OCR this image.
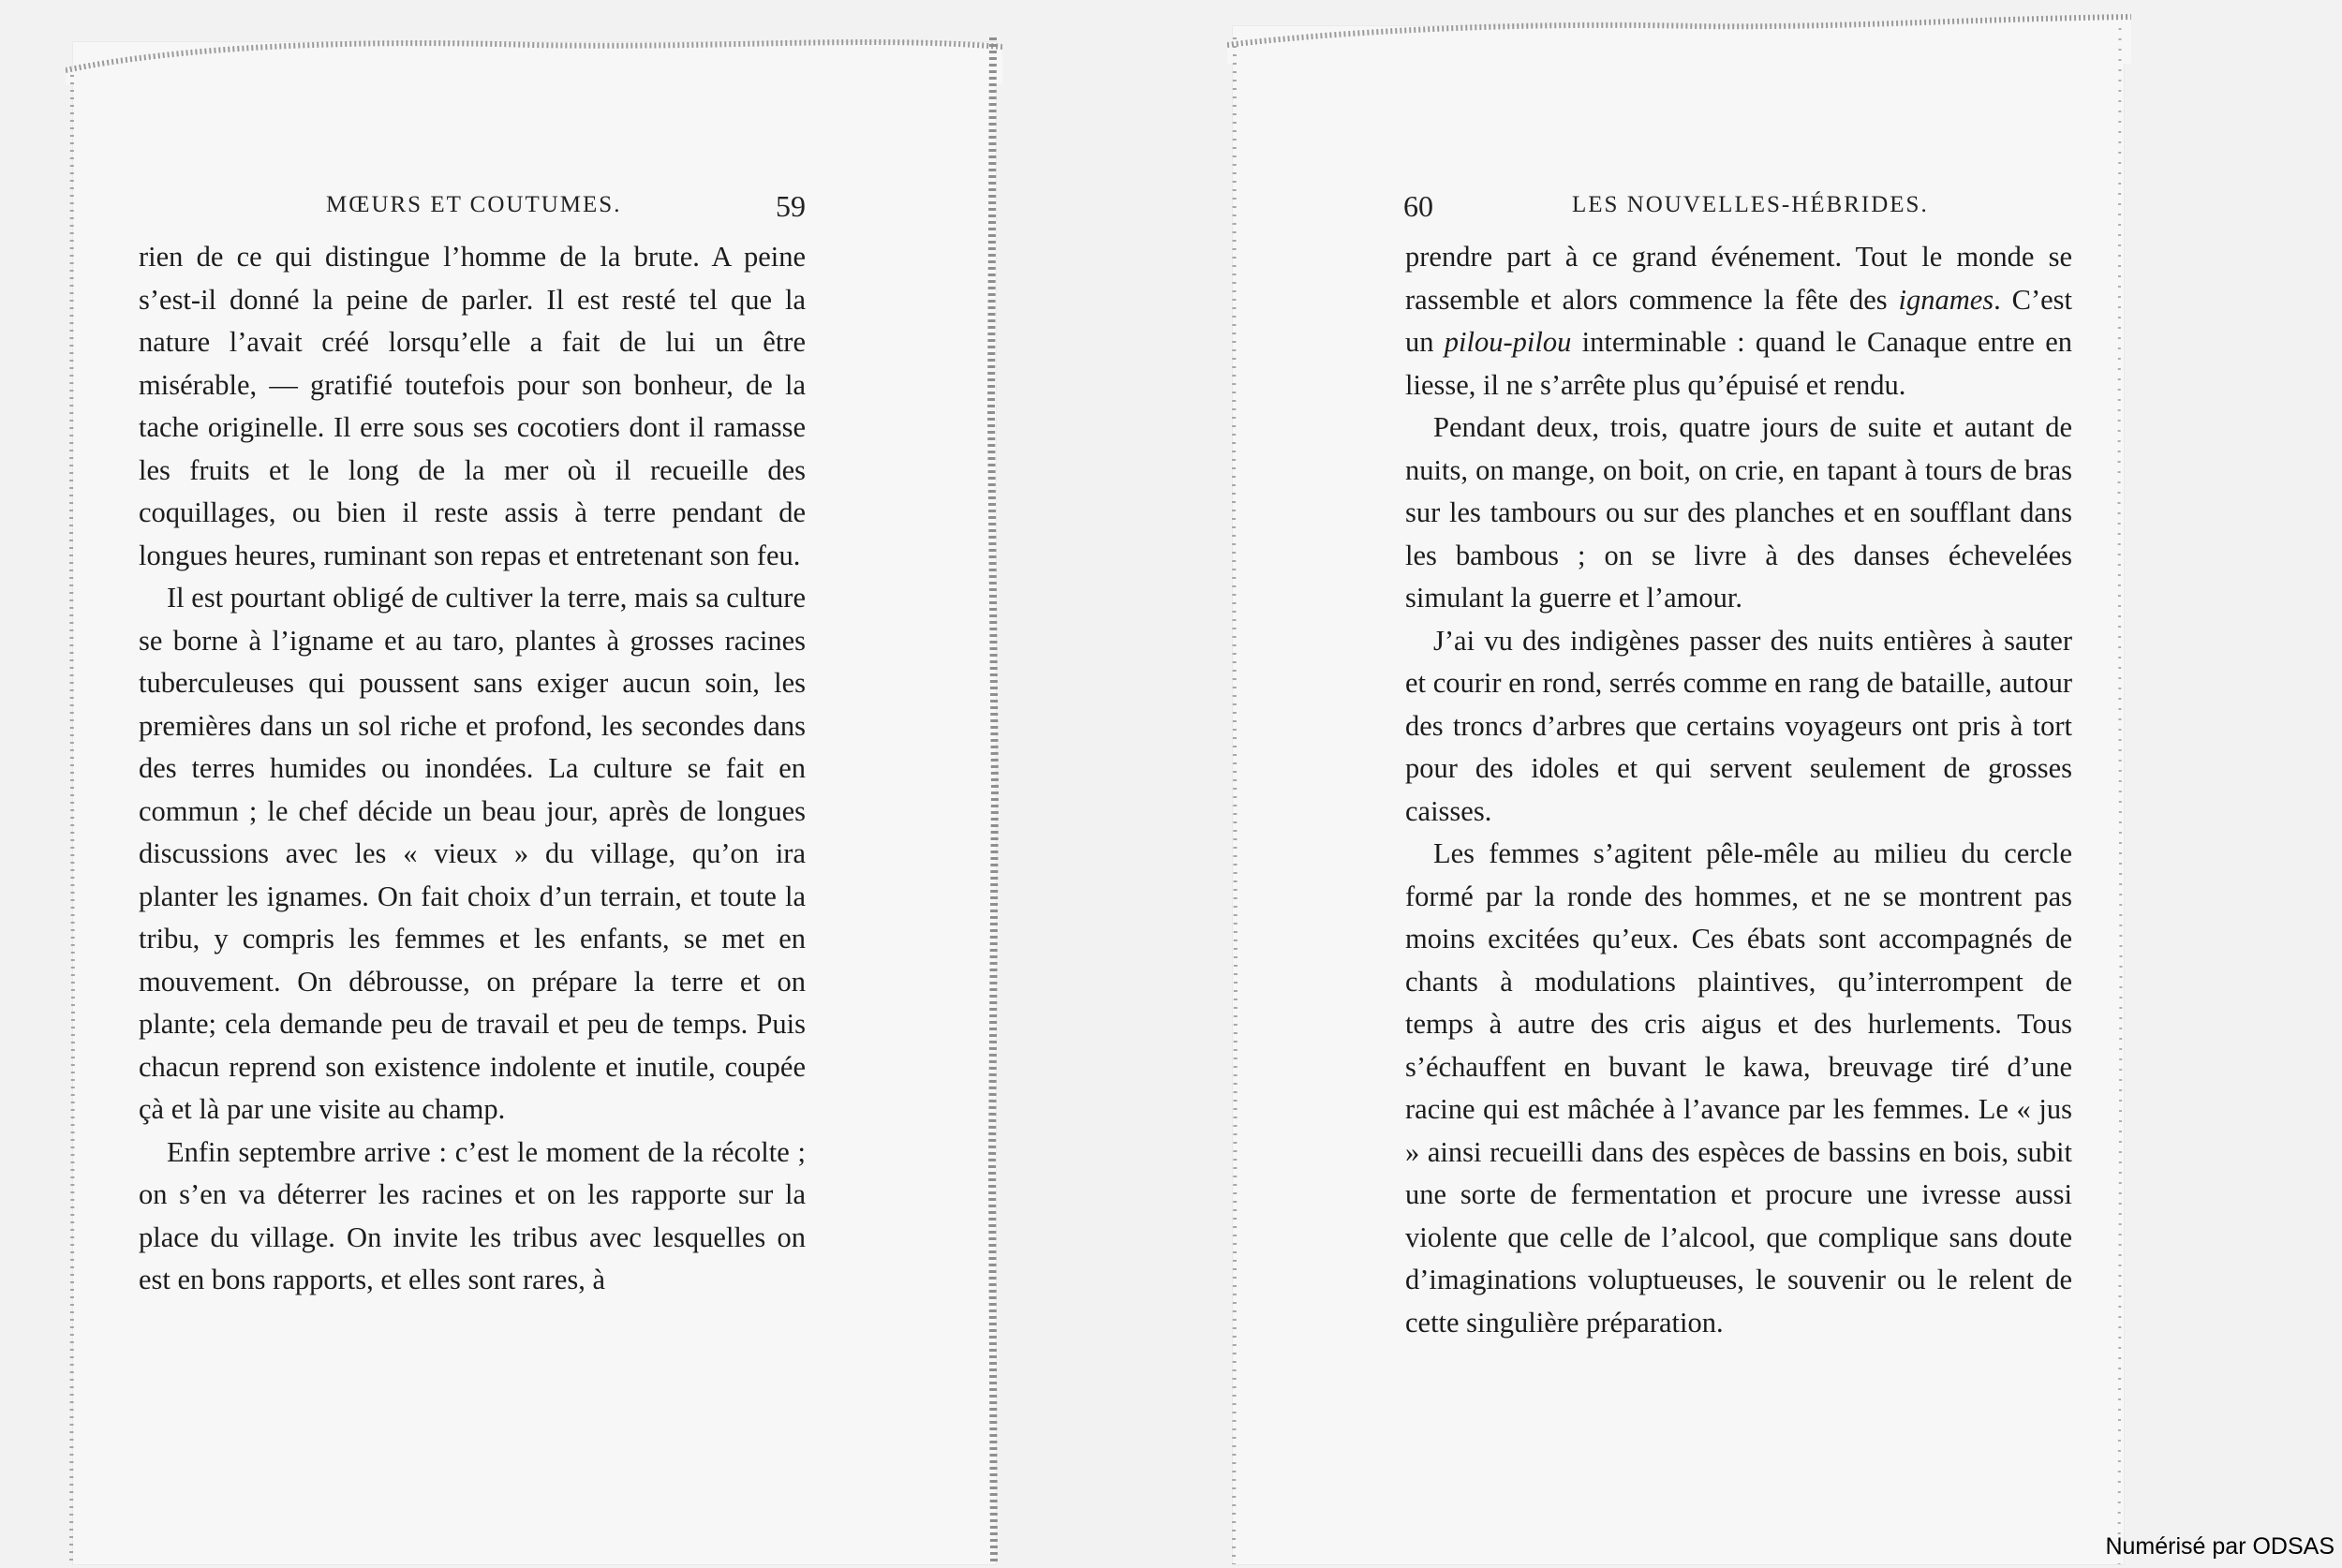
MŒURS ET COUTUMES.	59

rien de ce qui distingue l’homme de la brute. A peine s’est-il donné la peine de parler. Il est resté tel que la nature l’avait créé lorsqu’elle a fait de lui un être misérable, — gratifié toutefois pour son bonheur, de la tache originelle. Il erre sous ses cocotiers dont il ramasse les fruits et le long de la mer où il recueille des coquillages, ou bien il reste assis à terre pendant de longues heures, ruminant son repas et entretenant son feu.

Il est pourtant obligé de cultiver la terre, mais sa culture se borne à l’igname et au taro, plantes à grosses racines tuberculeuses qui poussent sans exiger aucun soin, les premières dans un sol riche et profond, les secondes dans des terres humides ou inondées. La culture se fait en commun ; le chef décide un beau jour, après de longues discussions avec les « vieux » du village, qu’on ira planter les ignames. On fait choix d’un terrain, et toute la tribu, y compris les femmes et les enfants, se met en mouvement. On débrousse, on prépare la terre et on plante; cela demande peu de travail et peu de temps. Puis chacun reprend son existence indolente et inutile, coupée çà et là par une visite au champ.

Enfin septembre arrive : c’est le moment de la récolte ; on s’en va déterrer les racines et on les rapporte sur la place du village. On invite les tribus avec lesquelles on est en bons rapports, et elles sont rares, à

60	LES NOUVELLES-HÉBRIDES.

prendre part à ce grand événement. Tout le monde se rassemble et alors commence la fête des ignames. C’est un pilou-pilou interminable : quand le Canaque entre en liesse, il ne s’arrête plus qu’épuisé et rendu.

Pendant deux, trois, quatre jours de suite et autant de nuits, on mange, on boit, on crie, en tapant à tours de bras sur les tambours ou sur des planches et en soufflant dans les bambous ; on se livre à des danses échevelées simulant la guerre et l’amour.

J’ai vu des indigènes passer des nuits entières à sauter et courir en rond, serrés comme en rang de bataille, autour des troncs d’arbres que certains voyageurs ont pris à tort pour des idoles et qui servent seulement de grosses caisses.

Les femmes s’agitent pêle-mêle au milieu du cercle formé par la ronde des hommes, et ne se montrent pas moins excitées qu’eux. Ces ébats sont accompagnés de chants à modulations plaintives, qu’interrompent de temps à autre des cris aigus et des hurlements. Tous s’échauffent en buvant le kawa, breuvage tiré d’une racine qui est mâchée à l’avance par les femmes. Le « jus » ainsi recueilli dans des espèces de bassins en bois, subit une sorte de fermentation et procure une ivresse aussi violente que celle de l’alcool, que complique sans doute d’imaginations voluptueuses, le souvenir ou le relent de cette singulière préparation.

Numérisé par ODSAS
